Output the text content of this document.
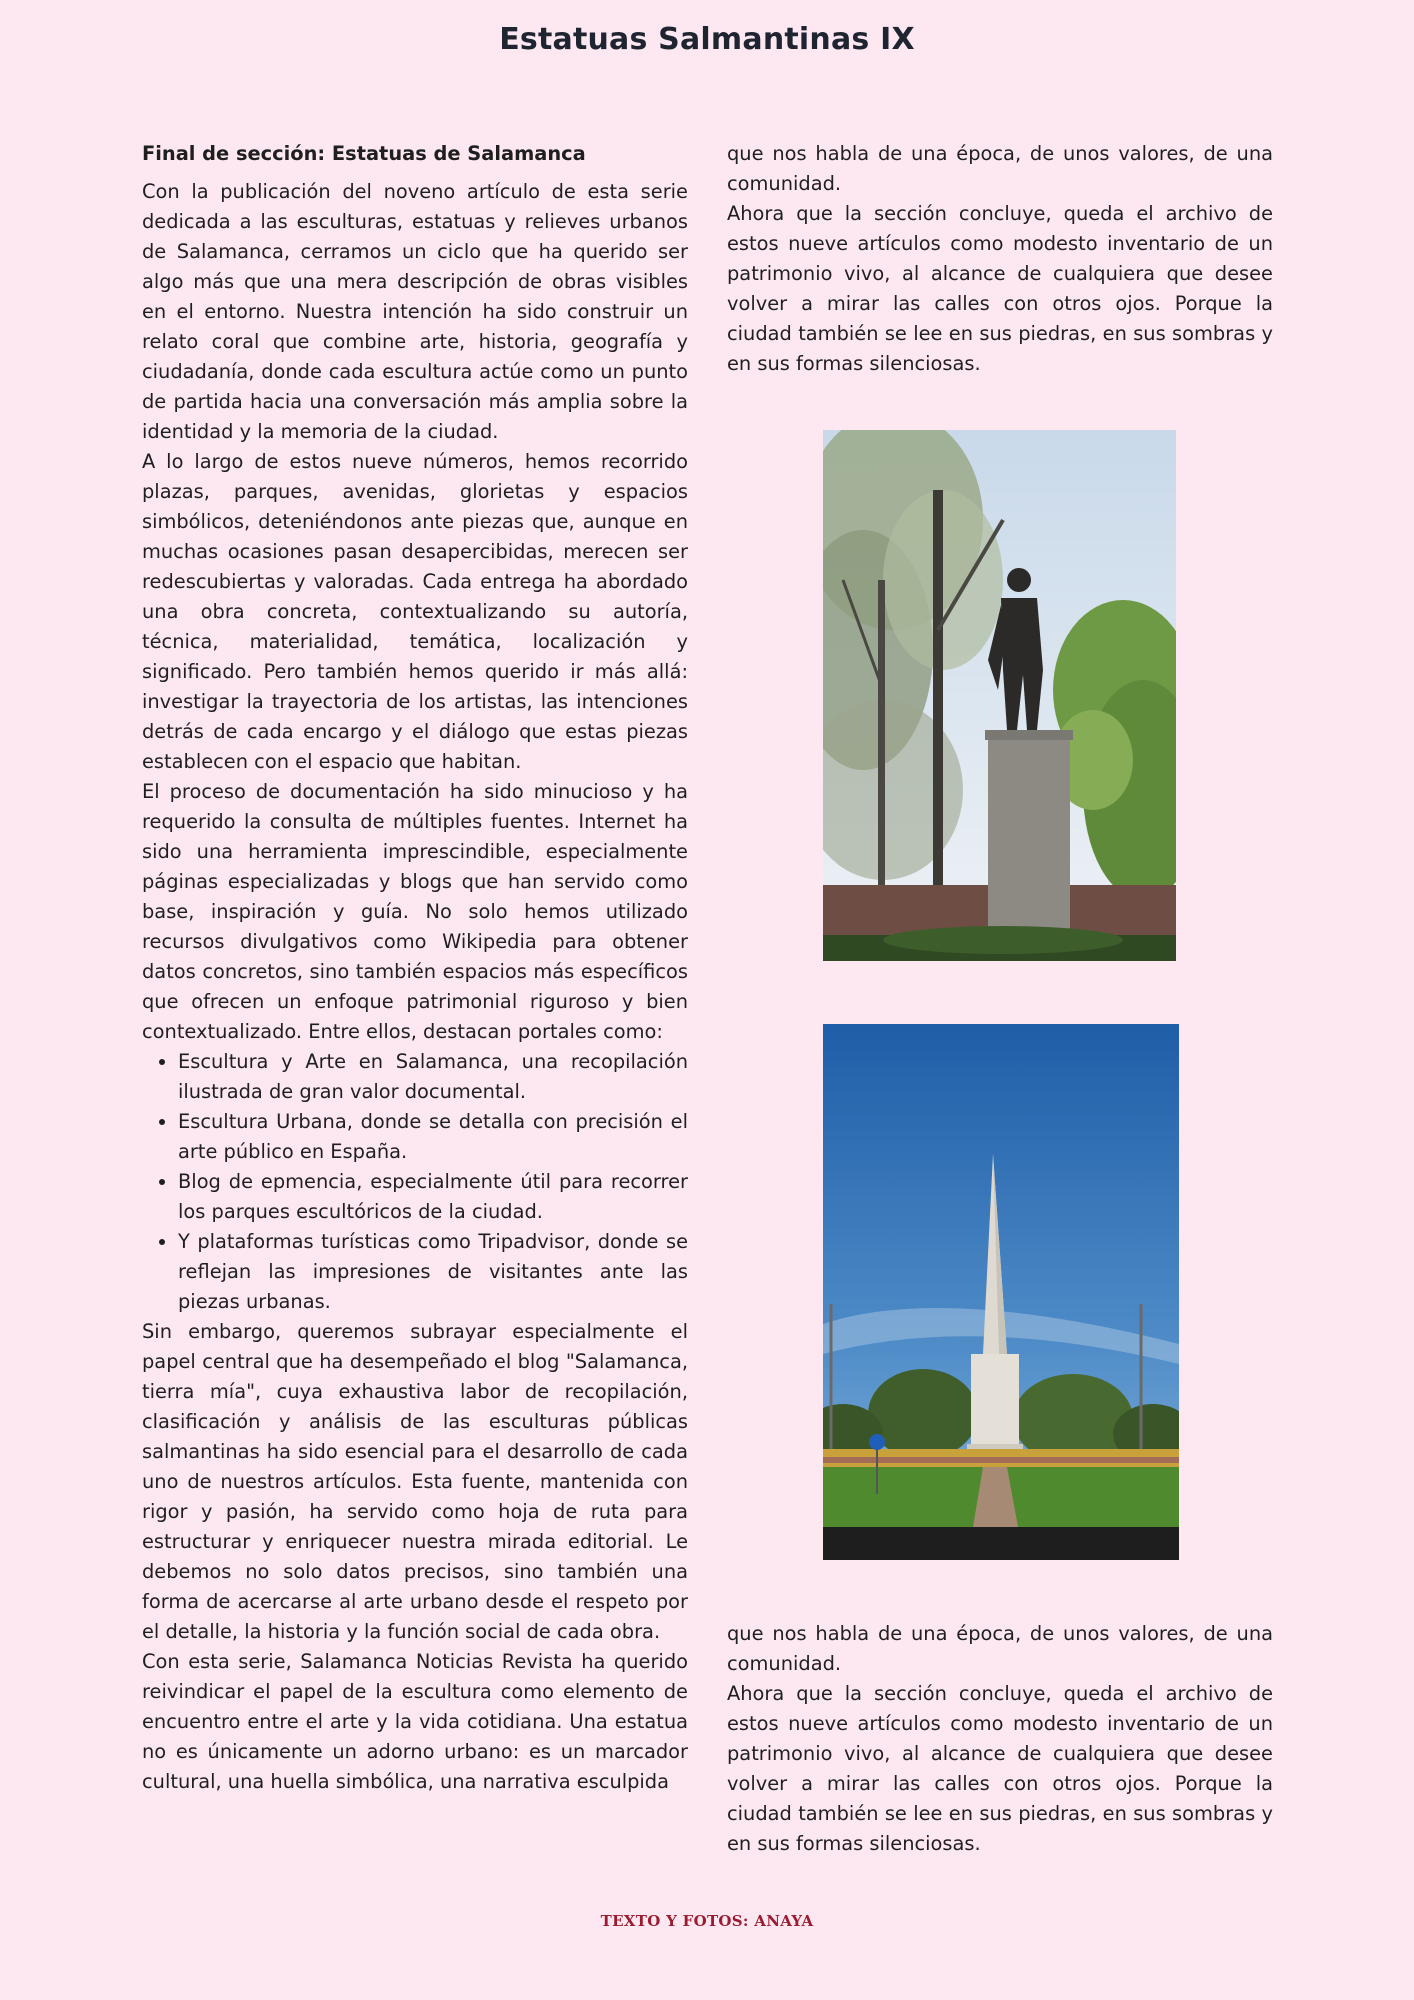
Estatuas Salmantinas IX

Final de sección: Estatuas de Salamanca

Con la publicación del noveno artículo de esta serie dedicada a las esculturas, estatuas y relieves urbanos de Salamanca, cerramos un ciclo que ha querido ser algo más que una mera descripción de obras visibles en el entorno. Nuestra intención ha sido construir un relato coral que combine arte, historia, geografía y ciudadanía, donde cada escultura actúe como un punto de partida hacia una conversación más amplia sobre la identidad y la memoria de la ciudad.

A lo largo de estos nueve números, hemos recorrido plazas, parques, avenidas, glorietas y espacios simbólicos, deteniéndonos ante piezas que, aunque en muchas ocasiones pasan desapercibidas, merecen ser redescubiertas y valoradas. Cada entrega ha abordado una obra concreta, contextualizando su autoría, técnica, materialidad, temática, localización y significado. Pero también hemos querido ir más allá: investigar la trayectoria de los artistas, las intenciones detrás de cada encargo y el diálogo que estas piezas establecen con el espacio que habitan.

El proceso de documentación ha sido minucioso y ha requerido la consulta de múltiples fuentes. Internet ha sido una herramienta imprescindible, especialmente páginas especializadas y blogs que han servido como base, inspiración y guía. No solo hemos utilizado recursos divulgativos como Wikipedia para obtener datos concretos, sino también espacios más específicos que ofrecen un enfoque patrimonial riguroso y bien contextualizado. Entre ellos, destacan portales como:

• Escultura y Arte en Salamanca, una recopilación ilustrada de gran valor documental.
• Escultura Urbana, donde se detalla con precisión el arte público en España.
• Blog de epmencia, especialmente útil para recorrer los parques escultóricos de la ciudad.
• Y plataformas turísticas como Tripadvisor, donde se reflejan las impresiones de visitantes ante las piezas urbanas.

Sin embargo, queremos subrayar especialmente el papel central que ha desempeñado el blog "Salamanca, tierra mía", cuya exhaustiva labor de recopilación, clasificación y análisis de las esculturas públicas salmantinas ha sido esencial para el desarrollo de cada uno de nuestros artículos. Esta fuente, mantenida con rigor y pasión, ha servido como hoja de ruta para estructurar y enriquecer nuestra mirada editorial. Le debemos no solo datos precisos, sino también una forma de acercarse al arte urbano desde el respeto por el detalle, la historia y la función social de cada obra.

Con esta serie, Salamanca Noticias Revista ha querido reivindicar el papel de la escultura como elemento de encuentro entre el arte y la vida cotidiana. Una estatua no es únicamente un adorno urbano: es un marcador cultural, una huella simbólica, una narrativa esculpida

que nos habla de una época, de unos valores, de una comunidad.

Ahora que la sección concluye, queda el archivo de estos nueve artículos como modesto inventario de un patrimonio vivo, al alcance de cualquiera que desee volver a mirar las calles con otros ojos. Porque la ciudad también se lee en sus piedras, en sus sombras y en sus formas silenciosas.

que nos habla de una época, de unos valores, de una comunidad.

Ahora que la sección concluye, queda el archivo de estos nueve artículos como modesto inventario de un patrimonio vivo, al alcance de cualquiera que desee volver a mirar las calles con otros ojos. Porque la ciudad también se lee en sus piedras, en sus sombras y en sus formas silenciosas.

TEXTO Y FOTOS: ANAYA
